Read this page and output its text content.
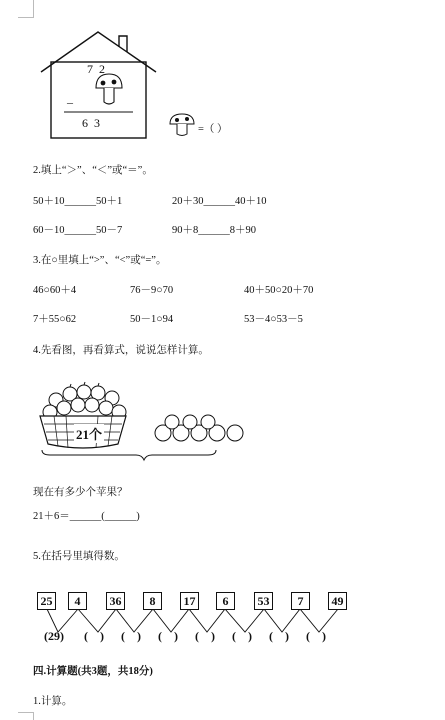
7  2
–
6  3	=（ ）
2.填上“＞”、“＜”或“＝”。
50＋10______50＋1	20＋30______40＋10
60－10______50－7	90＋8______8＋90
3.在○里填上“>”、“<”或“=”。
46○60＋4	76－9○70	40＋50○20＋70
7＋55○62	50－1○94	53－4○53－5
4.先看图，再看算式，说说怎样计算。
21个
现在有多少个苹果？
21＋6＝______(______)
5.在括号里填得数。
25	4	36	8	17	6	53	7	49
(29) (    ) (    ) (    ) (    ) (    ) (    ) (    )
四.计算题(共3题，共18分)
1.计算。
